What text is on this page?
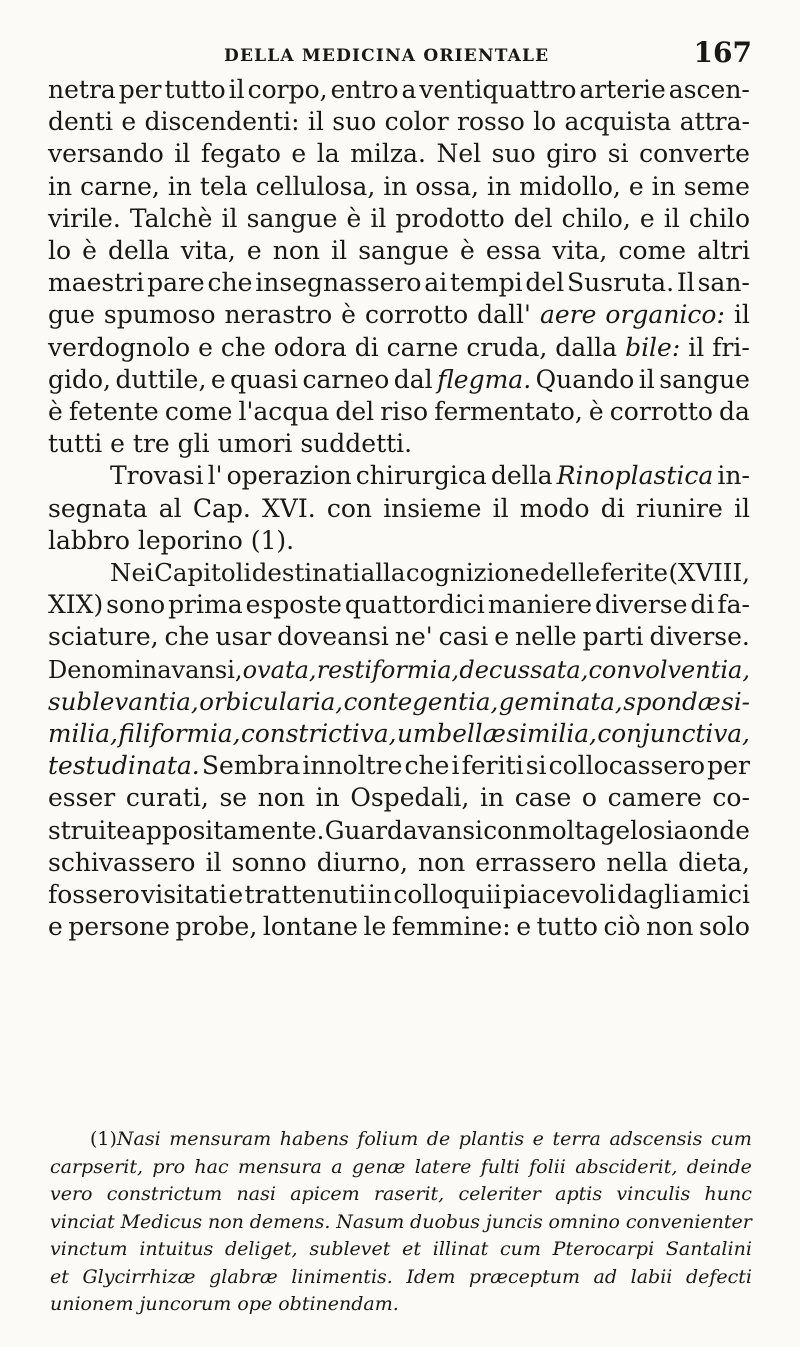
DELLA MEDICINA ORIENTALE	167
netra per tutto il corpo, entro a ventiquattro arterie ascen-
denti e discendenti: il suo color rosso lo acquista attra-
versando il fegato e la milza. Nel suo giro si converte
in carne, in tela cellulosa, in ossa, in midollo, e in seme
virile. Talchè il sangue è il prodotto del chilo, e il chilo
lo è della vita, e non il sangue è essa vita, come altri
maestri pare che insegnassero ai tempi del Susruta. Il san-
gue spumoso nerastro è corrotto dall' aere organico: il
verdognolo e che odora di carne cruda, dalla bile: il fri-
gido, duttile, e quasi carneo dal flegma. Quando il sangue
è fetente come l'acqua del riso fermentato, è corrotto da
tutti e tre gli umori suddetti.
Trovasi l' operazion chirurgica della Rinoplastica in-
segnata al Cap. XVI. con insieme il modo di riunire il
labbro leporino (1).
Nei Capitoli destinati alla cognizione delle ferite (XVIII,
XIX) sono prima esposte quattordici maniere diverse di fa-
sciature, che usar doveansi ne' casi e nelle parti diverse.
Denominavansi, ovata, restiformia, decussata, convolventia,
sublevantia, orbicularia, contegentia, geminata, spondæ si-
milia, filiformia, constrictiva, umbellæ similia, conjunctiva,
testudinata. Sembra innoltre che i feriti si collocassero per
esser curati, se non in Ospedali, in case o camere co-
struite appositamente. Guardavansi con molta gelosia onde
schivassero il sonno diurno, non errassero nella dieta,
fossero visitati e trattenuti in colloquii piacevoli dagli amici
e persone probe, lontane le femmine: e tutto ciò non solo
(1) Nasi mensuram habens folium de plantis e terra adscensis cum
carpserit, pro hac mensura a genæ latere fulti folii absciderit, deinde
vero constrictum nasi apicem raserit, celeriter aptis vinculis hunc
vinciat Medicus non demens. Nasum duobus juncis omnino convenienter
vinctum intuitus deliget, sublevet et illinat cum Pterocarpi Santalini
et Glycirrhizæ glabræ linimentis. Idem præceptum ad labii defecti
unionem juncorum ope obtinendam.
